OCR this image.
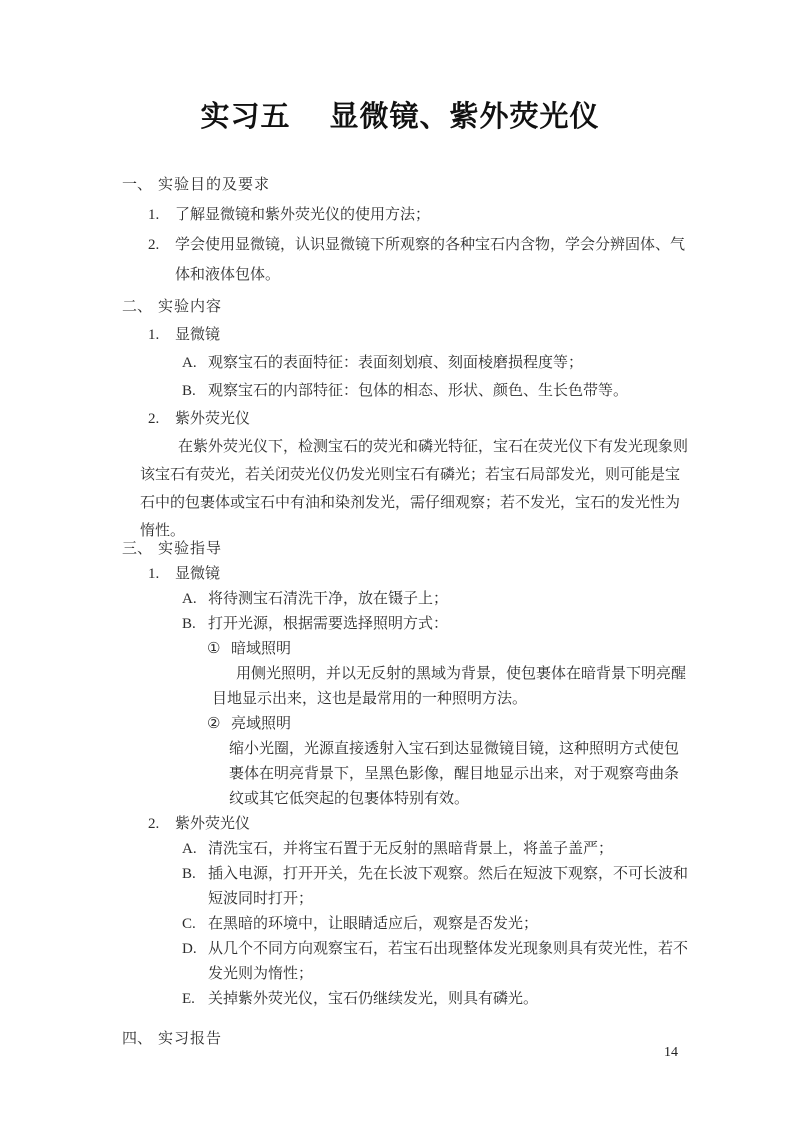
实习五　 显微镜、紫外荧光仪
一、 实验目的及要求
1.	了解显微镜和紫外荧光仪的使用方法；
2.	学会使用显微镜，认识显微镜下所观察的各种宝石内含物，学会分辨固体、气体和液体包体。
二、 实验内容
1.	显微镜
A. 观察宝石的表面特征：表面刻划痕、刻面棱磨损程度等；
B. 观察宝石的内部特征：包体的相态、形状、颜色、生长色带等。
2.	紫外荧光仪
在紫外荧光仪下，检测宝石的荧光和磷光特征，宝石在荧光仪下有发光现象则该宝石有荧光，若关闭荧光仪仍发光则宝石有磷光；若宝石局部发光，则可能是宝石中的包裹体或宝石中有油和染剂发光，需仔细观察；若不发光，宝石的发光性为惰性。
三、 实验指导
1.	显微镜
A. 将待测宝石清洗干净，放在镊子上；
B. 打开光源，根据需要选择照明方式：
① 暗域照明
用侧光照明，并以无反射的黑域为背景，使包裹体在暗背景下明亮醒目地显示出来，这也是最常用的一种照明方法。
② 亮域照明
缩小光圈，光源直接透射入宝石到达显微镜目镜，这种照明方式使包裹体在明亮背景下，呈黑色影像，醒目地显示出来，对于观察弯曲条纹或其它低突起的包裹体特别有效。
2.	紫外荧光仪
A. 清洗宝石，并将宝石置于无反射的黑暗背景上，将盖子盖严；
B. 插入电源，打开开关，先在长波下观察。然后在短波下观察，不可长波和短波同时打开；
C. 在黑暗的环境中，让眼睛适应后，观察是否发光；
D. 从几个不同方向观察宝石，若宝石出现整体发光现象则具有荧光性，若不发光则为惰性；
E. 关掉紫外荧光仪，宝石仍继续发光，则具有磷光。
四、 实习报告
14
